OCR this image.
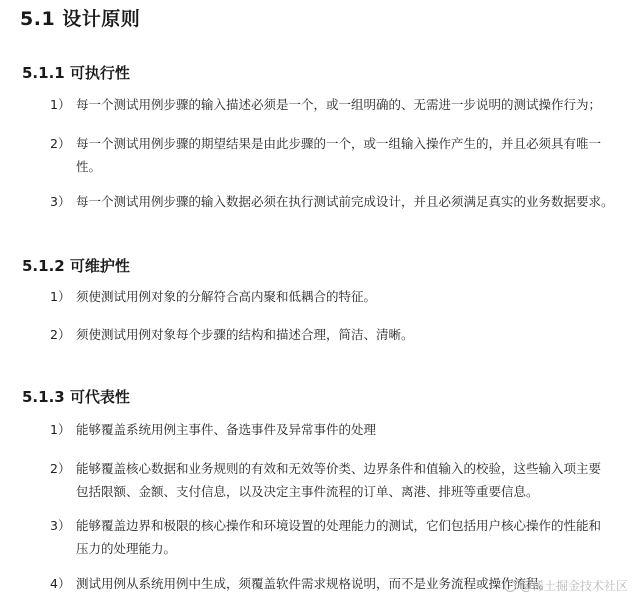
5.1 设计原则
5.1.1 可执行性
1） 每一个测试用例步骤的输入描述必须是一个，或一组明确的、无需进一步说明的测试操作行为；
2） 每一个测试用例步骤的期望结果是由此步骤的一个，或一组输入操作产生的，并且必须具有唯一
性。
3） 每一个测试用例步骤的输入数据必须在执行测试前完成设计，并且必须满足真实的业务数据要求。
5.1.2 可维护性
1） 须使测试用例对象的分解符合高内聚和低耦合的特征。
2） 须使测试用例对象每个步骤的结构和描述合理，简洁、清晰。
5.1.3 可代表性
1） 能够覆盖系统用例主事件、备选事件及异常事件的处理
2） 能够覆盖核心数据和业务规则的有效和无效等价类、边界条件和值输入的校验，这些输入项主要
包括限额、金额、支付信息，以及决定主事件流程的订单、离港、排班等重要信息。
3） 能够覆盖边界和极限的核心操作和环境设置的处理能力的测试，它们包括用户核心操作的性能和
压力的处理能力。
4） 测试用例从系统用例中生成，须覆盖软件需求规格说明，而不是业务流程或操作流程。
@稀土掘金技术社区
